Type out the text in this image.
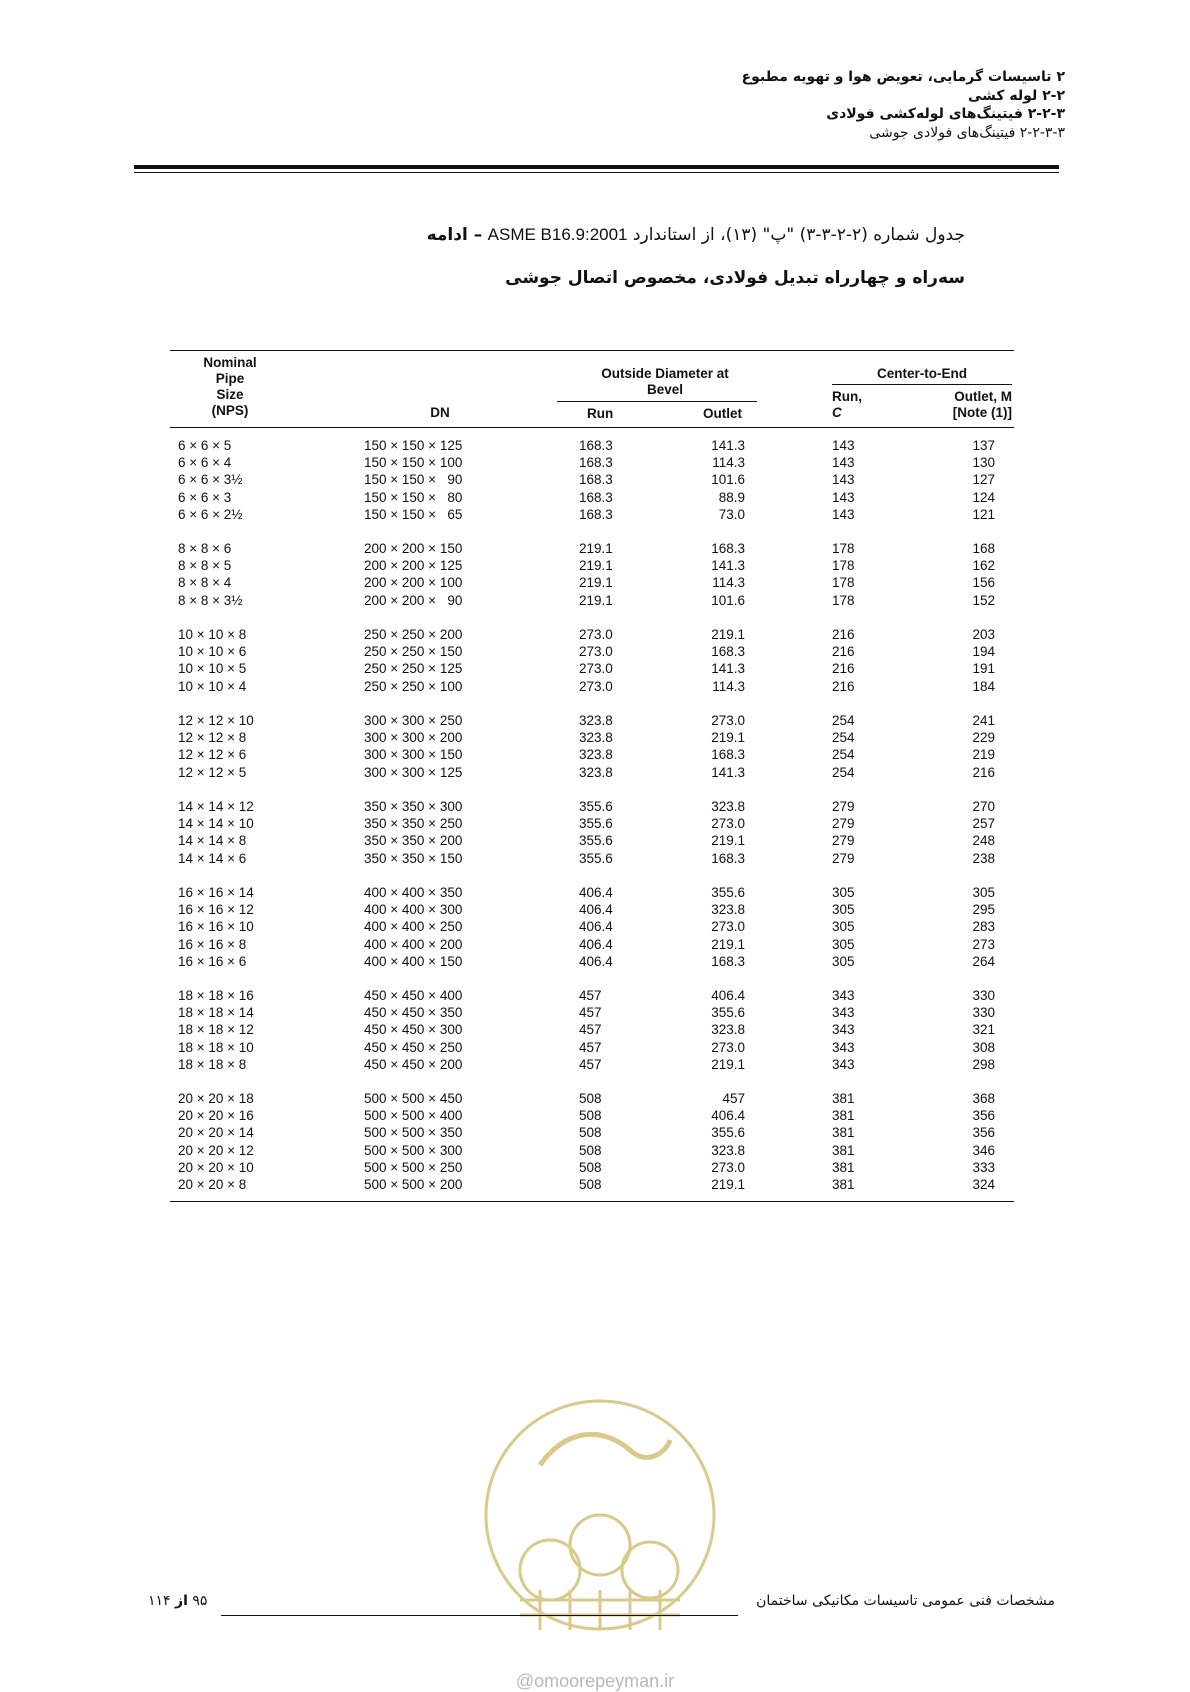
۲ تاسیسات گرمایی، تعویض هوا و تهویه مطبوع
۲-۲ لوله کشی
۲-۲-۳ فیتینگ‌های لوله‌کشی فولادی
۲-۲-۳-۳ فیتینگ‌های فولادی جوشی
جدول شماره (۲-۲-۳-۳) "پ" (۱۳)، از استاندارد ASME B16.9:2001 – ادامه
سه‌راه و چهارراه تبدیل فولادی، مخصوص اتصال جوشی
Nominal
Pipe
Size
(NPS)	DN
Outside Diameter at
Bevel
Run	Outlet
Center-to-End
Run,
C
Outlet, M
[Note (1)]
6 × 6 × 5	150 × 150 × 125	168.3	141.3	143	137
6 × 6 × 4	150 × 150 × 100	168.3	114.3	143	130
6 × 6 × 3½	150 × 150 ×   90	168.3	101.6	143	127
6 × 6 × 3	150 × 150 ×   80	168.3	88.9	143	124
6 × 6 × 2½	150 × 150 ×   65	168.3	73.0	143	121
8 × 8 × 6	200 × 200 × 150	219.1	168.3	178	168
8 × 8 × 5	200 × 200 × 125	219.1	141.3	178	162
8 × 8 × 4	200 × 200 × 100	219.1	114.3	178	156
8 × 8 × 3½	200 × 200 ×   90	219.1	101.6	178	152
10 × 10 × 8	250 × 250 × 200	273.0	219.1	216	203
10 × 10 × 6	250 × 250 × 150	273.0	168.3	216	194
10 × 10 × 5	250 × 250 × 125	273.0	141.3	216	191
10 × 10 × 4	250 × 250 × 100	273.0	114.3	216	184
12 × 12 × 10	300 × 300 × 250	323.8	273.0	254	241
12 × 12 × 8	300 × 300 × 200	323.8	219.1	254	229
12 × 12 × 6	300 × 300 × 150	323.8	168.3	254	219
12 × 12 × 5	300 × 300 × 125	323.8	141.3	254	216
14 × 14 × 12	350 × 350 × 300	355.6	323.8	279	270
14 × 14 × 10	350 × 350 × 250	355.6	273.0	279	257
14 × 14 × 8	350 × 350 × 200	355.6	219.1	279	248
14 × 14 × 6	350 × 350 × 150	355.6	168.3	279	238
16 × 16 × 14	400 × 400 × 350	406.4	355.6	305	305
16 × 16 × 12	400 × 400 × 300	406.4	323.8	305	295
16 × 16 × 10	400 × 400 × 250	406.4	273.0	305	283
16 × 16 × 8	400 × 400 × 200	406.4	219.1	305	273
16 × 16 × 6	400 × 400 × 150	406.4	168.3	305	264
18 × 18 × 16	450 × 450 × 400	457	406.4	343	330
18 × 18 × 14	450 × 450 × 350	457	355.6	343	330
18 × 18 × 12	450 × 450 × 300	457	323.8	343	321
18 × 18 × 10	450 × 450 × 250	457	273.0	343	308
18 × 18 × 8	450 × 450 × 200	457	219.1	343	298
20 × 20 × 18	500 × 500 × 450	508	457	381	368
20 × 20 × 16	500 × 500 × 400	508	406.4	381	356
20 × 20 × 14	500 × 500 × 350	508	355.6	381	356
20 × 20 × 12	500 × 500 × 300	508	323.8	381	346
20 × 20 × 10	500 × 500 × 250	508	273.0	381	333
20 × 20 × 8	500 × 500 × 200	508	219.1	381	324
۹۵ از ۱۱۴	مشخصات فنی عمومی تاسیسات مکانیکی ساختمان
@omoorepeyman.ir
